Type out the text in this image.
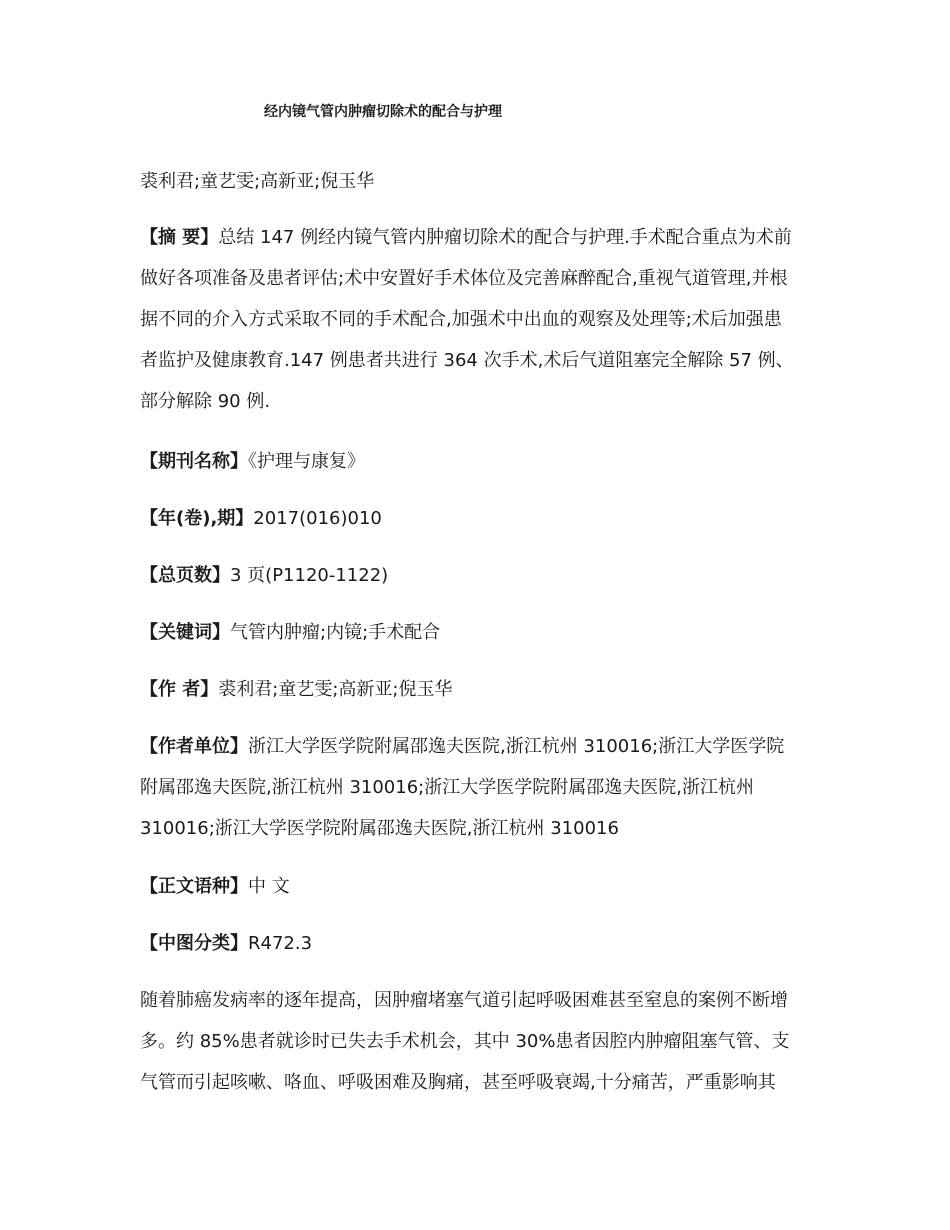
经内镜气管内肿瘤切除术的配合与护理
裘利君;童艺雯;高新亚;倪玉华
【摘 要】总结 147 例经内镜气管内肿瘤切除术的配合与护理.手术配合重点为术前
做好各项准备及患者评估;术中安置好手术体位及完善麻醉配合,重视气道管理,并根
据不同的介入方式采取不同的手术配合,加强术中出血的观察及处理等;术后加强患
者监护及健康教育.147 例患者共进行 364 次手术,术后气道阻塞完全解除 57 例、
部分解除 90 例.
【期刊名称】《护理与康复》
【年(卷),期】2017(016)010
【总页数】3 页(P1120-1122)
【关键词】气管内肿瘤;内镜;手术配合
【作 者】裘利君;童艺雯;高新亚;倪玉华
【作者单位】浙江大学医学院附属邵逸夫医院,浙江杭州 310016;浙江大学医学院
附属邵逸夫医院,浙江杭州 310016;浙江大学医学院附属邵逸夫医院,浙江杭州
310016;浙江大学医学院附属邵逸夫医院,浙江杭州 310016
【正文语种】中 文
【中图分类】R472.3
随着肺癌发病率的逐年提高，因肿瘤堵塞气道引起呼吸困难甚至窒息的案例不断增
多。约 85%患者就诊时已失去手术机会，其中 30%患者因腔内肿瘤阻塞气管、支
气管而引起咳嗽、咯血、呼吸困难及胸痛，甚至呼吸衰竭,十分痛苦，严重影响其
